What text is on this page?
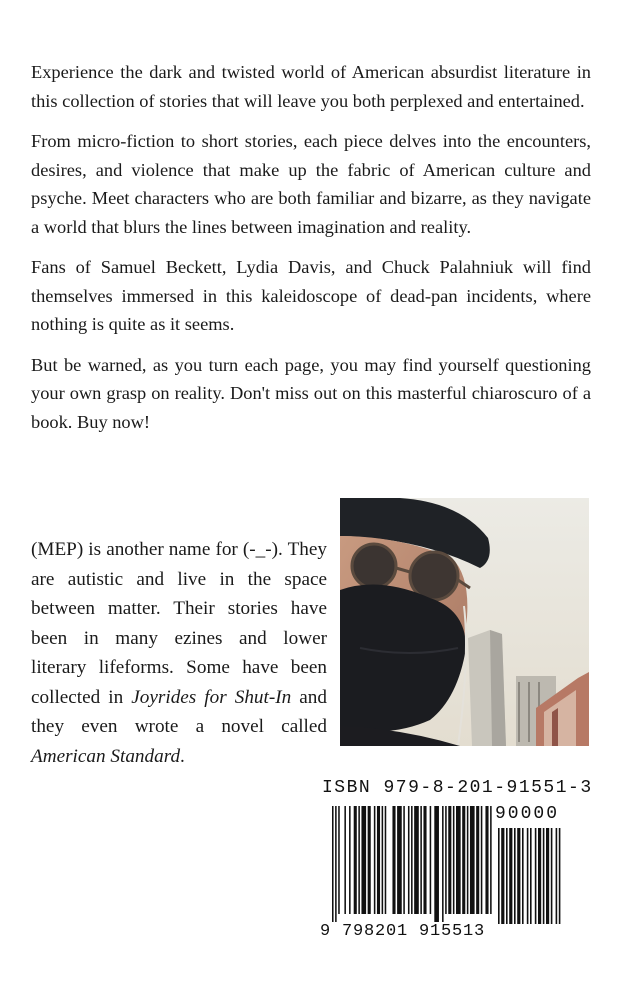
Experience the dark and twisted world of American absurdist literature in this collection of stories that will leave you both perplexed and entertained.

From micro-fiction to short stories, each piece delves into the encounters, desires, and violence that make up the fabric of American culture and psyche. Meet characters who are both familiar and bizarre, as they navigate a world that blurs the lines between imagination and reality.

Fans of Samuel Beckett, Lydia Davis, and Chuck Palahniuk will find themselves immersed in this kaleidoscope of dead-pan incidents, where nothing is quite as it seems.

But be warned, as you turn each page, you may find yourself questioning your own grasp on reality. Don't miss out on this masterful chiaroscuro of a book. Buy now!

(MEP) is another name for (-_-). They are autistic and live in the space between matter. Their stories have been in many ezines and lower literary lifeforms. Some have been collected in Joyrides for Shut-In and they even wrote a novel called American Standard.

ISBN 979-8-201-91551-3
90000
9 798201 915513
